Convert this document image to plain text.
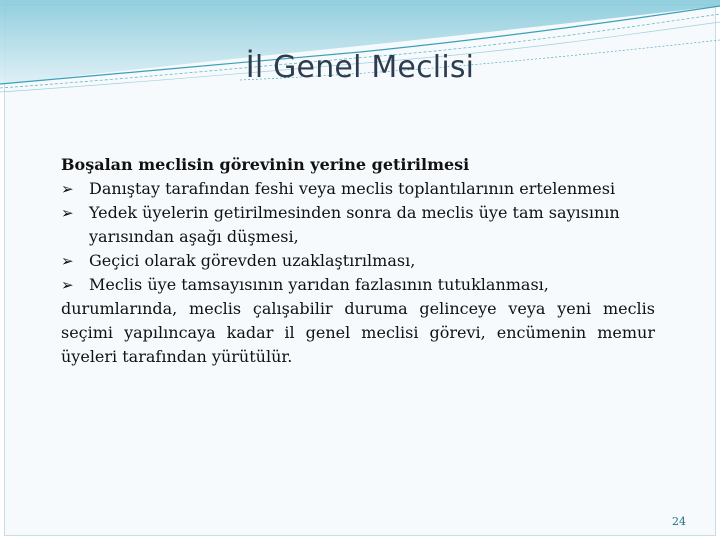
İl Genel Meclisi
Boşalan meclisin görevinin yerine getirilmesi
➢ Danıştay tarafından feshi veya meclis toplantılarının ertelenmesi
➢ Yedek üyelerin getirilmesinden sonra da meclis üye tam sayısının yarısından aşağı düşmesi,
➢ Geçici olarak görevden uzaklaştırılması,
➢ Meclis üye tamsayısının yarıdan fazlasının tutuklanması,
durumlarında, meclis çalışabilir duruma gelinceye veya yeni meclis seçimi yapılıncaya kadar il genel meclisi görevi, encümenin memur üyeleri tarafından yürütülür.
24
